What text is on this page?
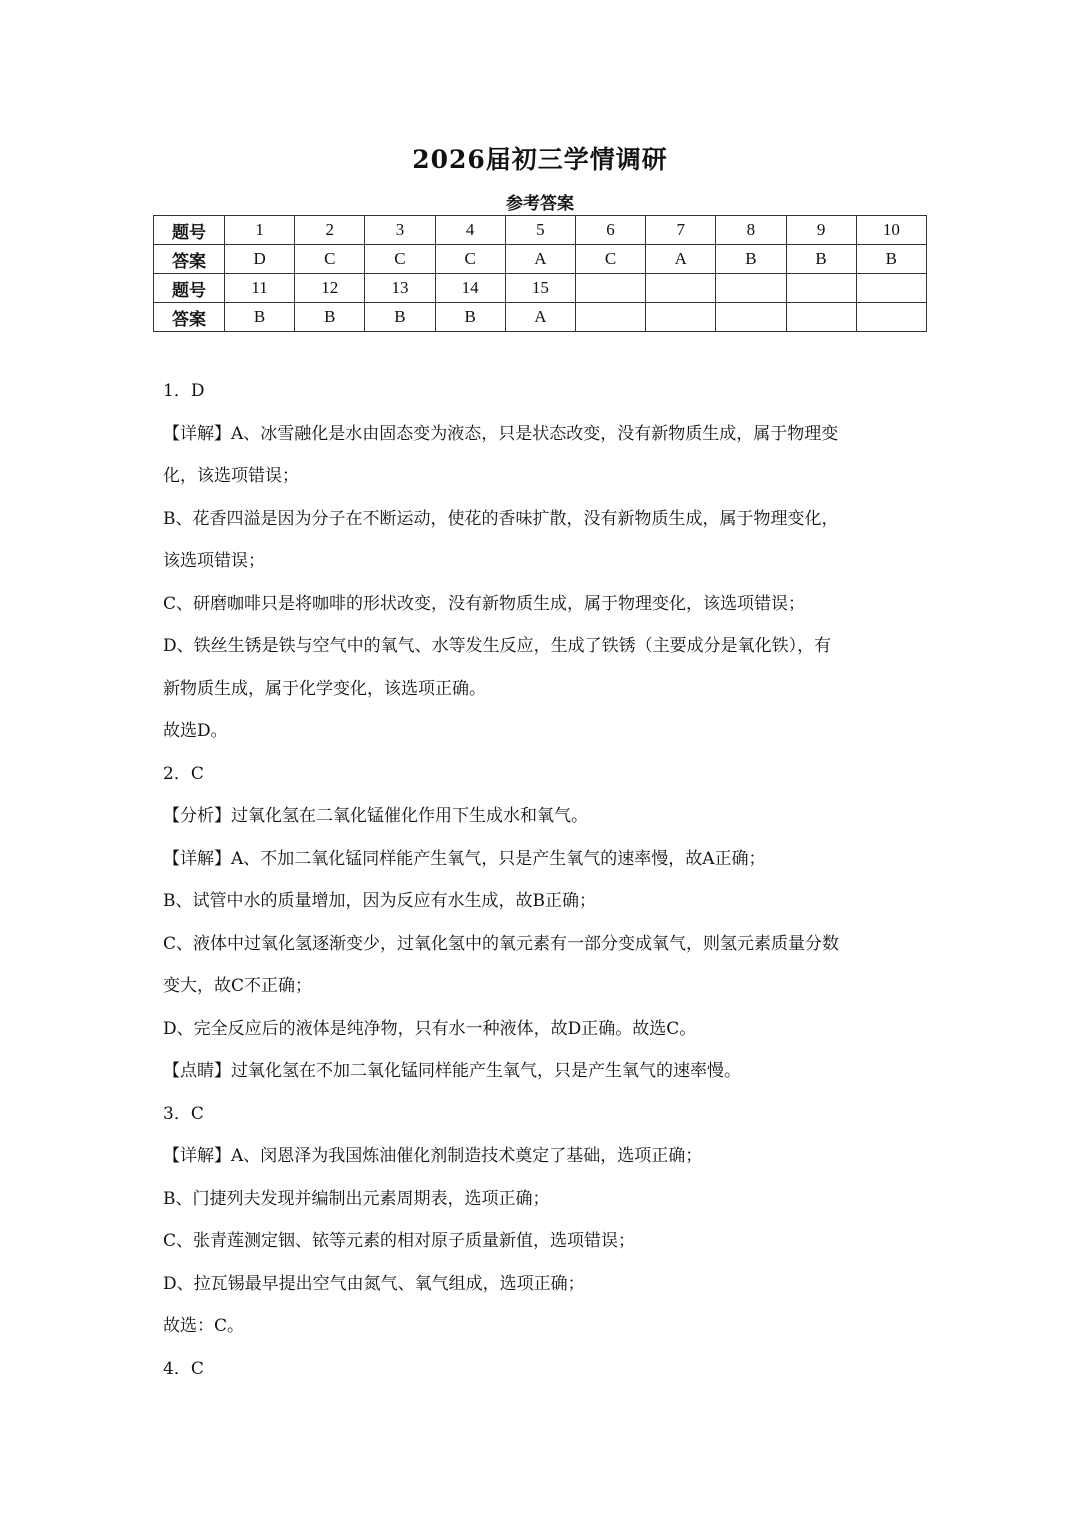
2026届初三学情调研
参考答案
题号	1	2	3	4	5	6	7	8	9	10
答案	D	C	C	C	A	C	A	B	B	B
题号	11	12	13	14	15					
答案	B	B	B	B	A					

1．D

【详解】A、冰雪融化是水由固态变为液态，只是状态改变，没有新物质生成，属于物理变

化，该选项错误；

B、花香四溢是因为分子在不断运动，使花的香味扩散，没有新物质生成，属于物理变化，

该选项错误；

C、研磨咖啡只是将咖啡的形状改变，没有新物质生成，属于物理变化，该选项错误；

D、铁丝生锈是铁与空气中的氧气、水等发生反应，生成了铁锈（主要成分是氧化铁），有

新物质生成，属于化学变化，该选项正确。

故选D。

2．C

【分析】过氧化氢在二氧化锰催化作用下生成水和氧气。

【详解】A、不加二氧化锰同样能产生氧气，只是产生氧气的速率慢，故A正确；

B、试管中水的质量增加，因为反应有水生成，故B正确；

C、液体中过氧化氢逐渐变少，过氧化氢中的氧元素有一部分变成氧气，则氢元素质量分数

变大，故C不正确；

D、完全反应后的液体是纯净物，只有水一种液体，故D正确。故选C。

【点睛】过氧化氢在不加二氧化锰同样能产生氧气，只是产生氧气的速率慢。

3．C

【详解】A、闵恩泽为我国炼油催化剂制造技术奠定了基础，选项正确；

B、门捷列夫发现并编制出元素周期表，选项正确；

C、张青莲测定铟、铱等元素的相对原子质量新值，选项错误；

D、拉瓦锡最早提出空气由氮气、氧气组成，选项正确；

故选：C。

4．C
